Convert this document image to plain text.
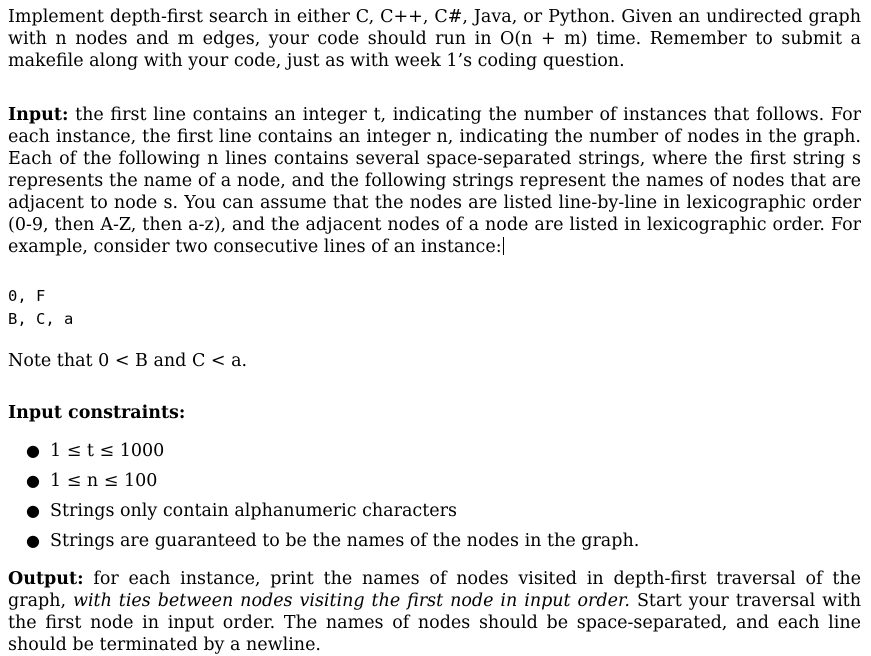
Implement depth-first search in either C, C++, C#, Java, or Python. Given an undirected graph with n nodes and m edges, your code should run in O(n + m) time. Remember to submit a makefile along with your code, just as with week 1’s coding question.
Input: the first line contains an integer t, indicating the number of instances that follows. For each instance, the first line contains an integer n, indicating the number of nodes in the graph. Each of the following n lines contains several space-separated strings, where the first string s represents the name of a node, and the following strings represent the names of nodes that are adjacent to node s. You can assume that the nodes are listed line-by-line in lexicographic order (0-9, then A-Z, then a-z), and the adjacent nodes of a node are listed in lexicographic order. For example, consider two consecutive lines of an instance:
0, F
B, C, a
Note that 0 < B and C < a.
Input constraints:
● 1 ≤ t ≤ 1000
● 1 ≤ n ≤ 100
● Strings only contain alphanumeric characters
● Strings are guaranteed to be the names of the nodes in the graph.
Output: for each instance, print the names of nodes visited in depth-first traversal of the graph, with ties between nodes visiting the first node in input order. Start your traversal with the first node in input order. The names of nodes should be space-separated, and each line should be terminated by a newline.
